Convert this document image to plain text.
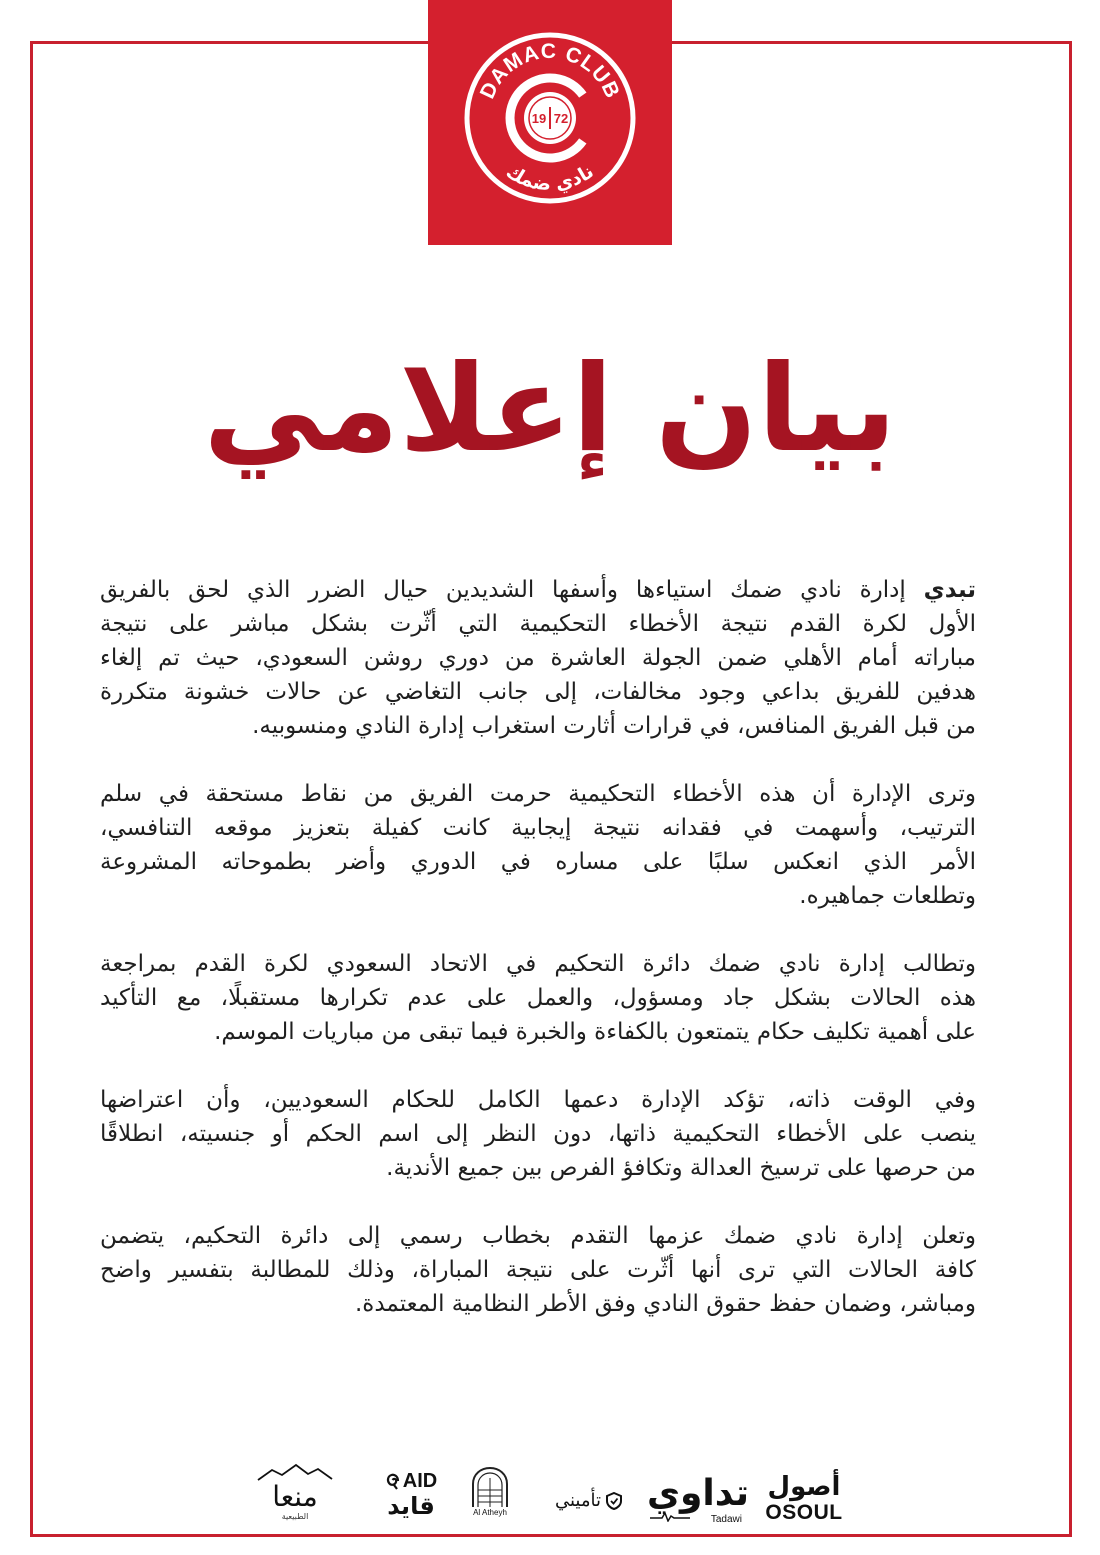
DAMAC CLUB
نادي ضمك
19 72
بيان إعلامي
تبدي إدارة نادي ضمك استياءها وأسفها الشديدين حيال الضرر الذي لحق بالفريق
الأول لكرة القدم نتيجة الأخطاء التحكيمية التي أثّرت بشكل مباشر على نتيجة
مباراته أمام الأهلي ضمن الجولة العاشرة من دوري روشن السعودي، حيث تم إلغاء
هدفين للفريق بداعي وجود مخالفات، إلى جانب التغاضي عن حالات خشونة متكررة
من قبل الفريق المنافس، في قرارات أثارت استغراب إدارة النادي ومنسوبيه.
وترى الإدارة أن هذه الأخطاء التحكيمية حرمت الفريق من نقاط مستحقة في سلم
الترتيب، وأسهمت في فقدانه نتيجة إيجابية كانت كفيلة بتعزيز موقعه التنافسي،
الأمر الذي انعكس سلبًا على مساره في الدوري وأضر بطموحاته المشروعة
وتطلعات جماهيره.
وتطالب إدارة نادي ضمك دائرة التحكيم في الاتحاد السعودي لكرة القدم بمراجعة
هذه الحالات بشكل جاد ومسؤول، والعمل على عدم تكرارها مستقبلًا، مع التأكيد
على أهمية تكليف حكام يتمتعون بالكفاءة والخبرة فيما تبقى من مباريات الموسم.
وفي الوقت ذاته، تؤكد الإدارة دعمها الكامل للحكام السعوديين، وأن اعتراضها
ينصب على الأخطاء التحكيمية ذاتها، دون النظر إلى اسم الحكم أو جنسيته، انطلاقًا
من حرصها على ترسيخ العدالة وتكافؤ الفرص بين جميع الأندية.
وتعلن إدارة نادي ضمك عزمها التقدم بخطاب رسمي إلى دائرة التحكيم، يتضمن
كافة الحالات التي ترى أنها أثّرت على نتيجة المباراة، وذلك للمطالبة بتفسير واضح
ومباشر، وضمان حفظ حقوق النادي وفق الأطر النظامية المعتمدة.
أصول
OSOUL
تداوي
Tadawi
تأميني
Al Atheyh
AID
قايد
منعا
الطبيعية
